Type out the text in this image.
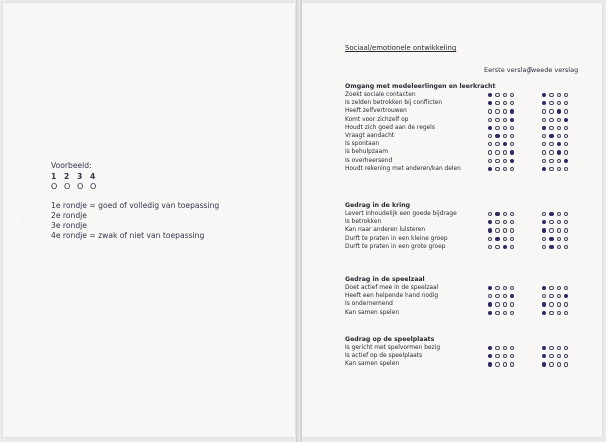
Voorbeeld:
1 2 3 4
O O O O
1e rondje = goed of volledig van toepassing
2e rondje
3e rondje
4e rondje = zwak of niet van toepassing
·
·
Sociaal/emotionele ontwikkeling
Eerste verslag
Tweede verslag
Omgang met medeleerlingen en leerkracht
Zoekt sociale contacten
Is zelden betrokken bij conflicten
Heeft zelfvertrouwen
Komt voor zichzelf op
Houdt zich goed aan de regels
Vraagt aandacht
Is spontaan
Is behulpzaam
Is overheersend
Houdt rekening met anderen/kan delen
Gedrag in de kring
Levert inhoudelijk een goede bijdrage
Is betrokken
Kan naar anderen luisteren
Durft te praten in een kleine groep
Durft te praten in een grote groep
Gedrag in de speelzaal
Doet actief mee in de speelzaal
Heeft een helpende hand nodig
Is ondernemend
Kan samen spelen
Gedrag op de speelplaats
Is gericht met spelvormen bezig
Is actief op de speelplaats
Kan samen spelen
·
